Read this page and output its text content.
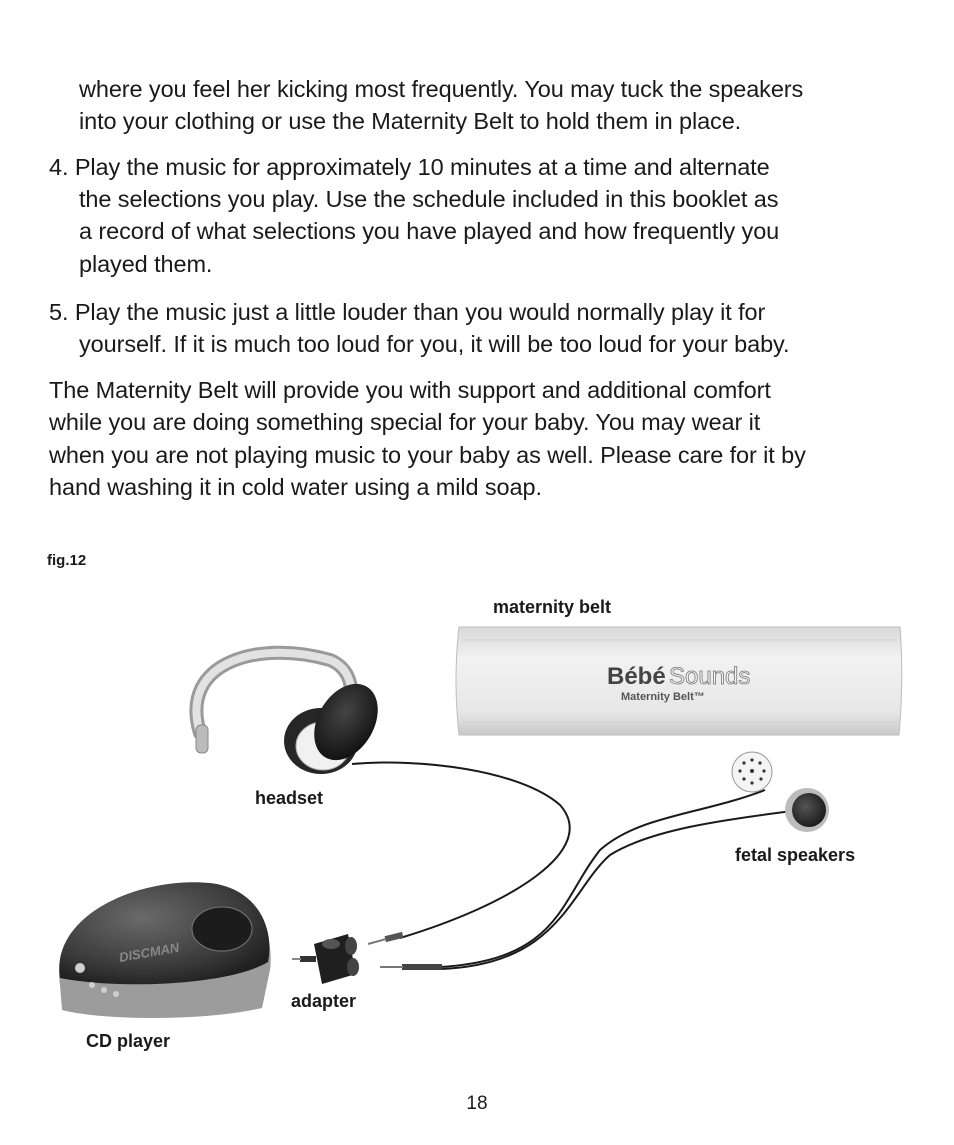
where you feel her kicking most frequently. You may tuck the speakers
into your clothing or use the Maternity Belt to hold them in place.
4. Play the music for approximately 10 minutes at a time and alternate
the selections you play. Use the schedule included in this booklet as
a record of what selections you have played and how frequently you
played them.
5. Play the music just a little louder than you would normally play it for
yourself. If it is much too loud for you, it will be too loud for your baby.
The Maternity Belt will provide you with support and additional comfort
while you are doing something special for your baby. You may wear it
when you are not playing music to your baby as well. Please care for it by
hand washing it in cold water using a mild soap.
Bébé Sounds
Maternity Belt™
DISCMAN
fig.12
maternity belt
headset
fetal speakers
adapter
CD player
18
